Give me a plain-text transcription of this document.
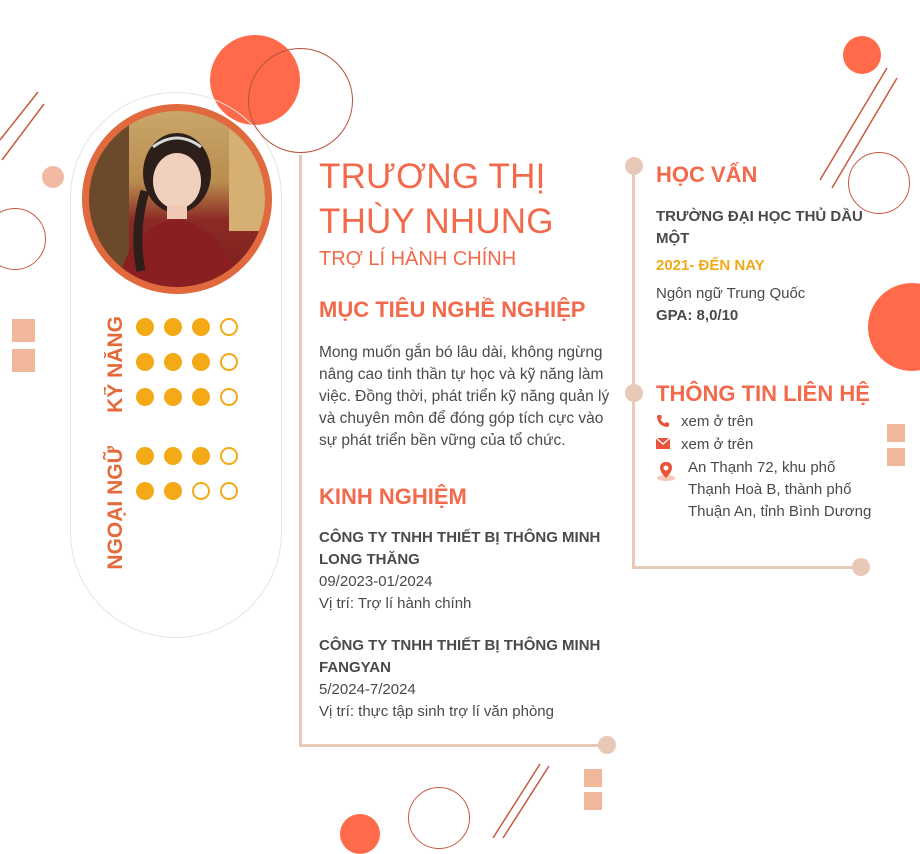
KỸ NĂNG
NGOẠI NGỮ
TRƯƠNG THỊ
THÙY NHUNG
TRỢ LÍ HÀNH CHÍNH
MỤC TIÊU NGHỀ NGHIỆP
Mong muốn gắn bó lâu dài, không ngừng nâng cao tinh thần tự học và kỹ năng làm việc. Đồng thời, phát triển kỹ năng quản lý và chuyên môn để đóng góp tích cực vào sự phát triển bền vững của tổ chức.
KINH NGHIỆM
CÔNG TY TNHH THIẾT BỊ THÔNG MINH LONG THĂNG
09/2023-01/2024
Vị trí: Trợ lí hành chính
CÔNG TY TNHH THIẾT BỊ THÔNG MINH FANGYAN
5/2024-7/2024
Vị trí: thực tập sinh trợ lí văn phòng
HỌC VẤN
TRƯỜNG ĐẠI HỌC THỦ DẦU MỘT
2021- ĐẾN NAY
Ngôn ngữ Trung Quốc
GPA: 8,0/10
THÔNG TIN LIÊN HỆ
xem ở trên
xem ở trên
An Thạnh 72, khu phố Thạnh Hoà B, thành phố Thuận An, tỉnh Bình Dương
